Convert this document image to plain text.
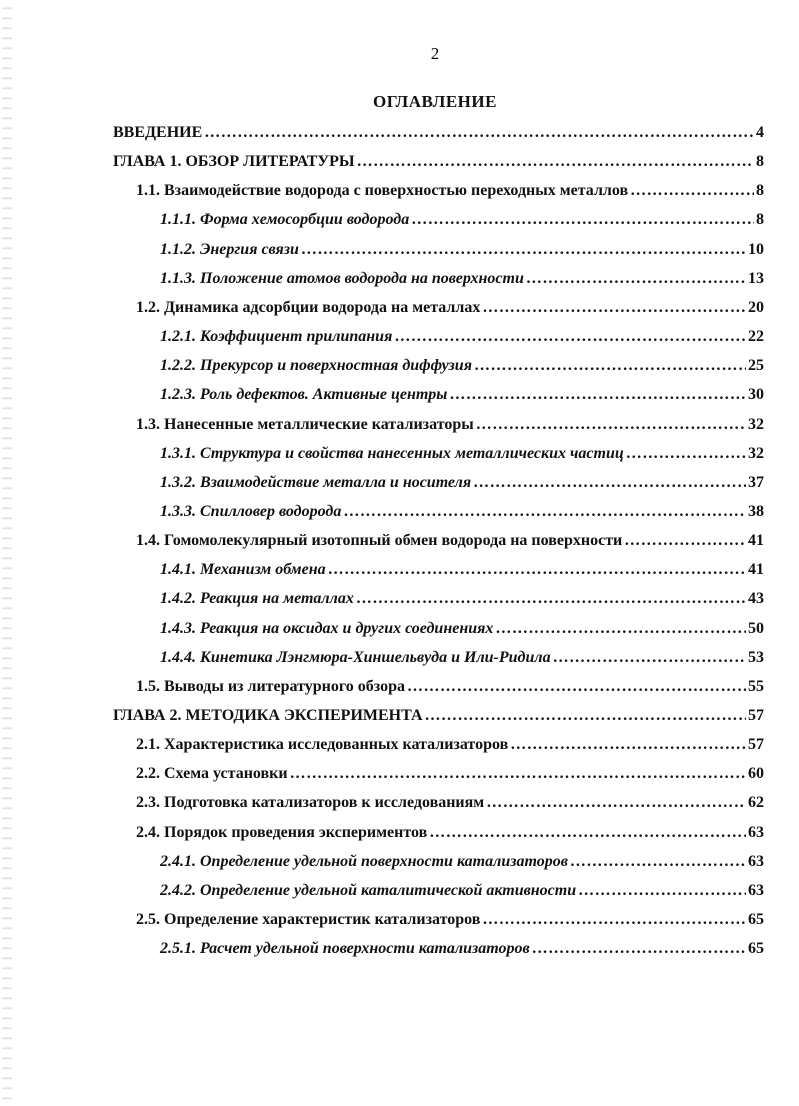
2
ОГЛАВЛЕНИЕ
ВВЕДЕНИЕ ………………………………………………………………………………………………………………………………………………………………	4
ГЛАВА 1. ОБЗОР ЛИТЕРАТУРЫ ………………………………………………………………………………………………………………………………………………………………	8
1.1. Взаимодействие водорода с поверхностью переходных металлов ………………………………………………………………………………………………………………………………………………………………	8
1.1.1. Форма хемосорбции водорода ………………………………………………………………………………………………………………………………………………………………	8
1.1.2. Энергия связи ………………………………………………………………………………………………………………………………………………………………	10
1.1.3. Положение атомов водорода на поверхности ………………………………………………………………………………………………………………………………………………………………	13
1.2. Динамика адсорбции водорода на металлах ………………………………………………………………………………………………………………………………………………………………	20
1.2.1. Коэффициент прилипания ………………………………………………………………………………………………………………………………………………………………	22
1.2.2. Прекурсор и поверхностная диффузия ………………………………………………………………………………………………………………………………………………………………	25
1.2.3. Роль дефектов. Активные центры ………………………………………………………………………………………………………………………………………………………………	30
1.3. Нанесенные металлические катализаторы ………………………………………………………………………………………………………………………………………………………………	32
1.3.1. Структура и свойства нанесенных металлических частиц ………………………………………………………………………………………………………………………………………………………………	32
1.3.2. Взаимодействие металла и носителя ………………………………………………………………………………………………………………………………………………………………	37
1.3.3. Спилловер водорода ………………………………………………………………………………………………………………………………………………………………	38
1.4. Гомомолекулярный изотопный обмен водорода на поверхности ………………………………………………………………………………………………………………………………………………………………	41
1.4.1. Механизм обмена ………………………………………………………………………………………………………………………………………………………………	41
1.4.2. Реакция на металлах ………………………………………………………………………………………………………………………………………………………………	43
1.4.3. Реакция на оксидах и других соединениях ………………………………………………………………………………………………………………………………………………………………	50
1.4.4. Кинетика Лэнгмюра-Хиншельвуда и Или-Ридила ………………………………………………………………………………………………………………………………………………………………	53
1.5. Выводы из литературного обзора ………………………………………………………………………………………………………………………………………………………………	55
ГЛАВА 2. МЕТОДИКА ЭКСПЕРИМЕНТА ………………………………………………………………………………………………………………………………………………………………	57
2.1. Характеристика исследованных катализаторов ………………………………………………………………………………………………………………………………………………………………	57
2.2. Схема установки ………………………………………………………………………………………………………………………………………………………………	60
2.3. Подготовка катализаторов к исследованиям ………………………………………………………………………………………………………………………………………………………………	62
2.4. Порядок проведения экспериментов ………………………………………………………………………………………………………………………………………………………………	63
2.4.1. Определение удельной поверхности катализаторов ………………………………………………………………………………………………………………………………………………………………	63
2.4.2. Определение удельной каталитической активности ………………………………………………………………………………………………………………………………………………………………	63
2.5. Определение характеристик катализаторов ………………………………………………………………………………………………………………………………………………………………	65
2.5.1. Расчет удельной поверхности катализаторов ………………………………………………………………………………………………………………………………………………………………	65
